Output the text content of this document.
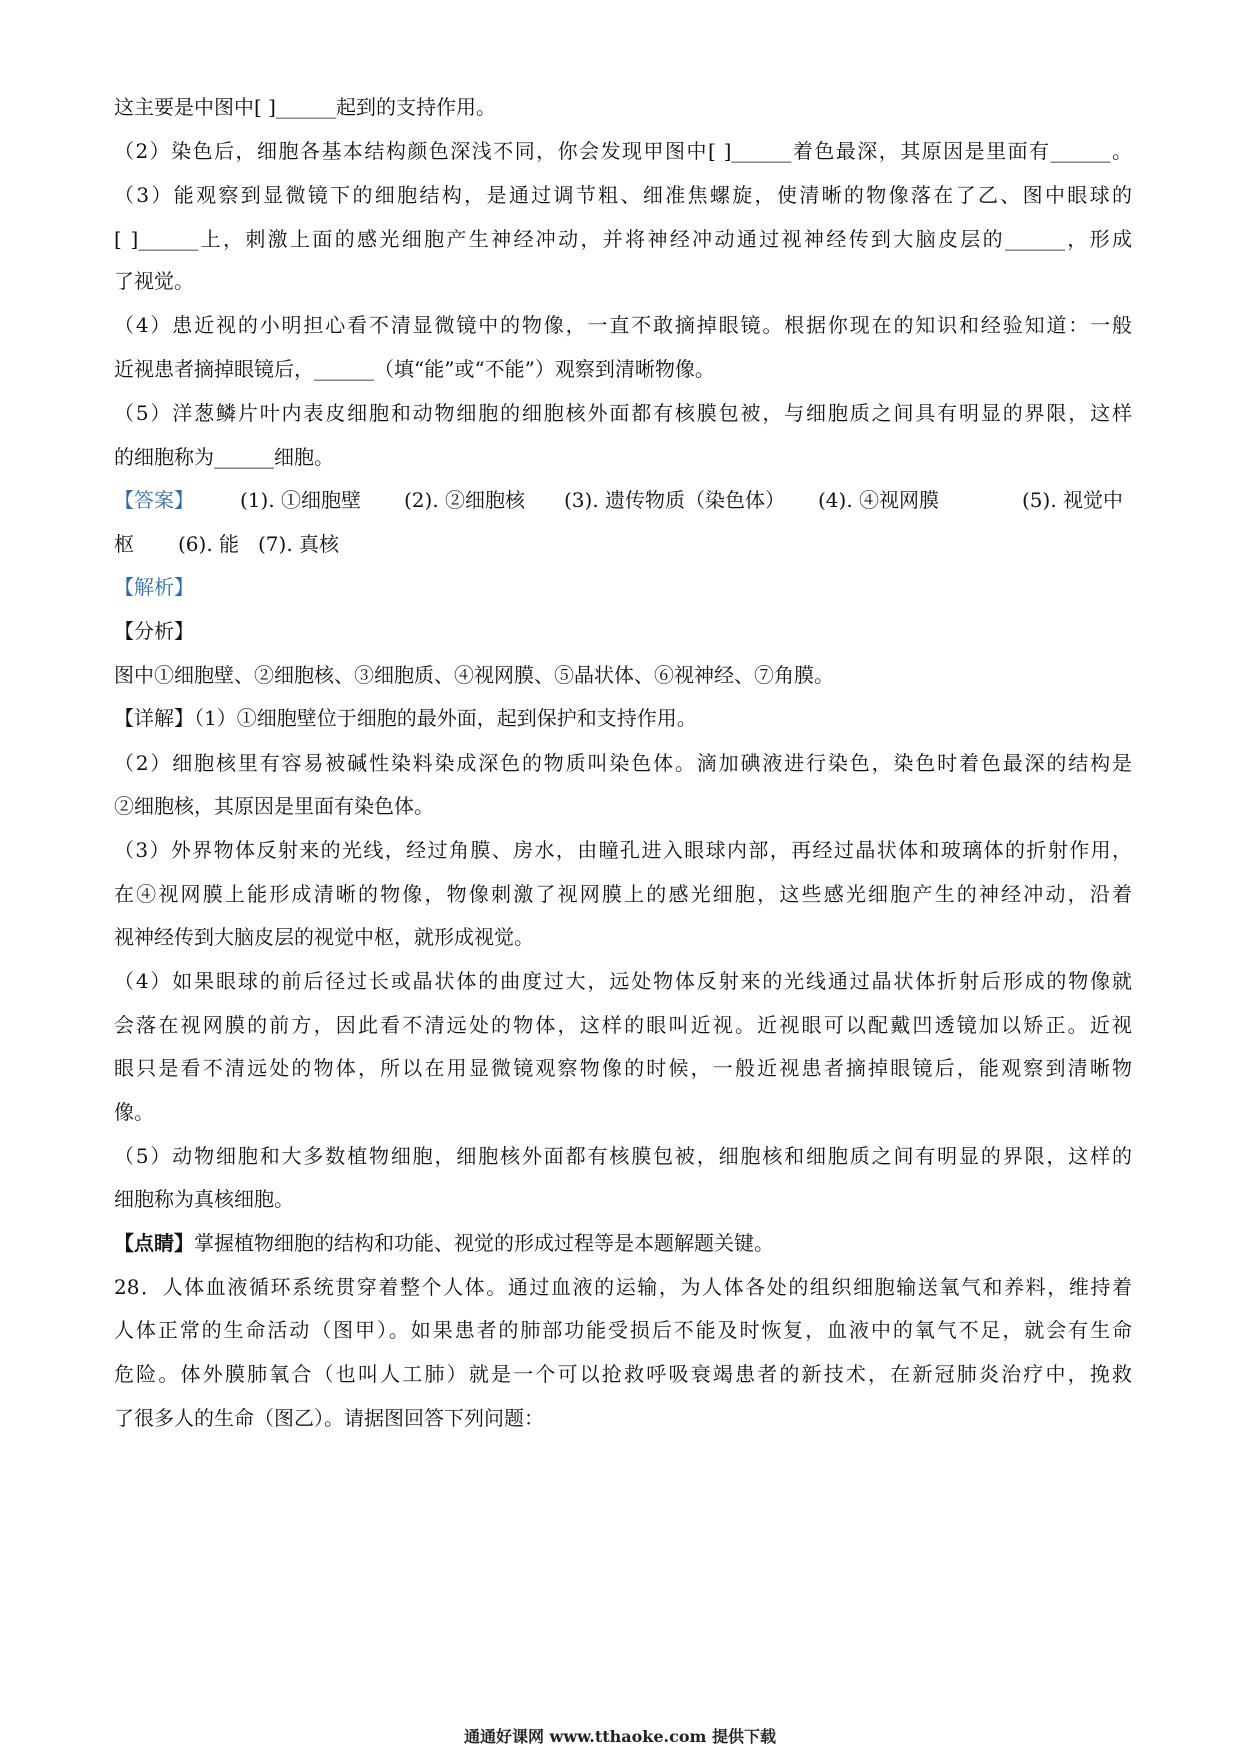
这主要是中图中[ ]______起到的支持作用。
（2）染色后，细胞各基本结构颜色深浅不同，你会发现甲图中[ ]______着色最深，其原因是里面有______。
（3）能观察到显微镜下的细胞结构，是通过调节粗、细准焦螺旋，使清晰的物像落在了乙、图中眼球的
[ ]______上，刺激上面的感光细胞产生神经冲动，并将神经冲动通过视神经传到大脑皮层的______，形成
了视觉。
（4）患近视的小明担心看不清显微镜中的物像，一直不敢摘掉眼镜。根据你现在的知识和经验知道：一般
近视患者摘掉眼镜后，______（填“能”或“不能”）观察到清晰物像。
（5）洋葱鳞片叶内表皮细胞和动物细胞的细胞核外面都有核膜包被，与细胞质之间具有明显的界限，这样
的细胞称为______细胞。
【答案】 (1). ①细胞壁 (2). ②细胞核 (3). 遗传物质（染色体） (4). ④视网膜	(5). 视觉中
枢 (6). 能 (7). 真核
【解析】
【分析】
图中①细胞壁、②细胞核、③细胞质、④视网膜、⑤晶状体、⑥视神经、⑦角膜。
【详解】（1）①细胞壁位于细胞的最外面，起到保护和支持作用。
（2）细胞核里有容易被碱性染料染成深色的物质叫染色体。滴加碘液进行染色，染色时着色最深的结构是
②细胞核，其原因是里面有染色体。
（3）外界物体反射来的光线，经过角膜、房水，由瞳孔进入眼球内部，再经过晶状体和玻璃体的折射作用，
在④视网膜上能形成清晰的物像，物像刺激了视网膜上的感光细胞，这些感光细胞产生的神经冲动，沿着
视神经传到大脑皮层的视觉中枢，就形成视觉。
（4）如果眼球的前后径过长或晶状体的曲度过大，远处物体反射来的光线通过晶状体折射后形成的物像就
会落在视网膜的前方，因此看不清远处的物体，这样的眼叫近视。近视眼可以配戴凹透镜加以矫正。近视
眼只是看不清远处的物体，所以在用显微镜观察物像的时候，一般近视患者摘掉眼镜后，能观察到清晰物
像。
（5）动物细胞和大多数植物细胞，细胞核外面都有核膜包被，细胞核和细胞质之间有明显的界限，这样的
细胞称为真核细胞。
【点睛】掌握植物细胞的结构和功能、视觉的形成过程等是本题解题关键。
28．人体血液循环系统贯穿着整个人体。通过血液的运输，为人体各处的组织细胞输送氧气和养料，维持着
人体正常的生命活动（图甲）。如果患者的肺部功能受损后不能及时恢复，血液中的氧气不足，就会有生命
危险。体外膜肺氧合（也叫人工肺）就是一个可以抢救呼吸衰竭患者的新技术，在新冠肺炎治疗中，挽救
了很多人的生命（图乙）。请据图回答下列问题：
通通好课网 www.tthaoke.com 提供下载
